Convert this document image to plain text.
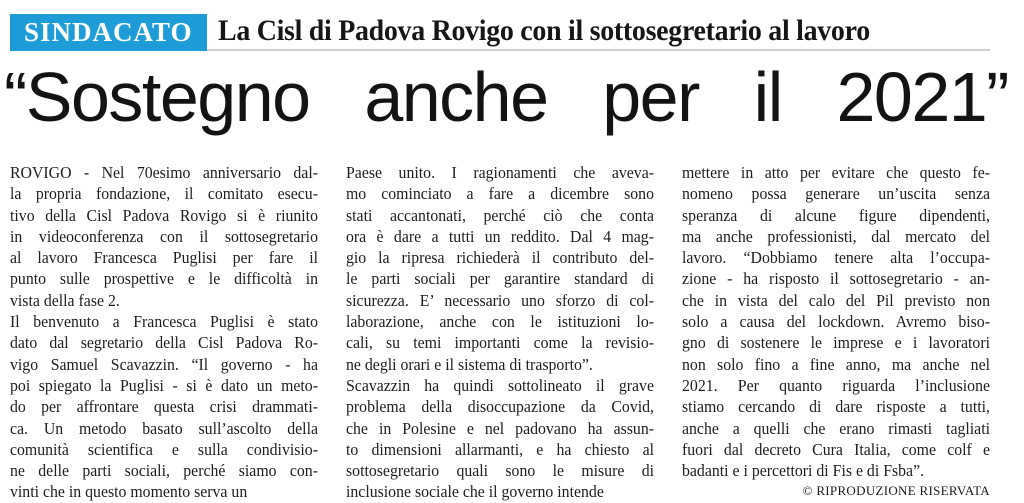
SINDACATO La Cisl di Padova Rovigo con il sottosegretario al lavoro
“Sostegno anche per il 2021”
ROVIGO - Nel 70esimo anniversario dal-
la propria fondazione, il comitato esecu-
tivo della Cisl Padova Rovigo si è riunito
in videoconferenza con il sottosegretario
al lavoro Francesca Puglisi per fare il
punto sulle prospettive e le difficoltà in
vista della fase 2.
Il benvenuto a Francesca Puglisi è stato
dato dal segretario della Cisl Padova Ro-
vigo Samuel Scavazzin. “Il governo - ha
poi spiegato la Puglisi - si è dato un meto-
do per affrontare questa crisi drammati-
ca. Un metodo basato sull’ascolto della
comunità scientifica e sulla condivisio-
ne delle parti sociali, perché siamo con-
vinti che in questo momento serva un
Paese unito. I ragionamenti che aveva-
mo cominciato a fare a dicembre sono
stati accantonati, perché ciò che conta
ora è dare a tutti un reddito. Dal 4 mag-
gio la ripresa richiederà il contributo del-
le parti sociali per garantire standard di
sicurezza. E’ necessario uno sforzo di col-
laborazione, anche con le istituzioni lo-
cali, su temi importanti come la revisio-
ne degli orari e il sistema di trasporto”.
Scavazzin ha quindi sottolineato il grave
problema della disoccupazione da Covid,
che in Polesine e nel padovano ha assun-
to dimensioni allarmanti, e ha chiesto al
sottosegretario quali sono le misure di
inclusione sociale che il governo intende
mettere in atto per evitare che questo fe-
nomeno possa generare un’uscita senza
speranza di alcune figure dipendenti,
ma anche professionisti, dal mercato del
lavoro. “Dobbiamo tenere alta l’occupa-
zione - ha risposto il sottosegretario - an-
che in vista del calo del Pil previsto non
solo a causa del lockdown. Avremo biso-
gno di sostenere le imprese e i lavoratori
non solo fino a fine anno, ma anche nel
2021. Per quanto riguarda l’inclusione
stiamo cercando di dare risposte a tutti,
anche a quelli che erano rimasti tagliati
fuori dal decreto Cura Italia, come colf e
badanti e i percettori di Fis e di Fsba”.
© RIPRODUZIONE RISERVATA
